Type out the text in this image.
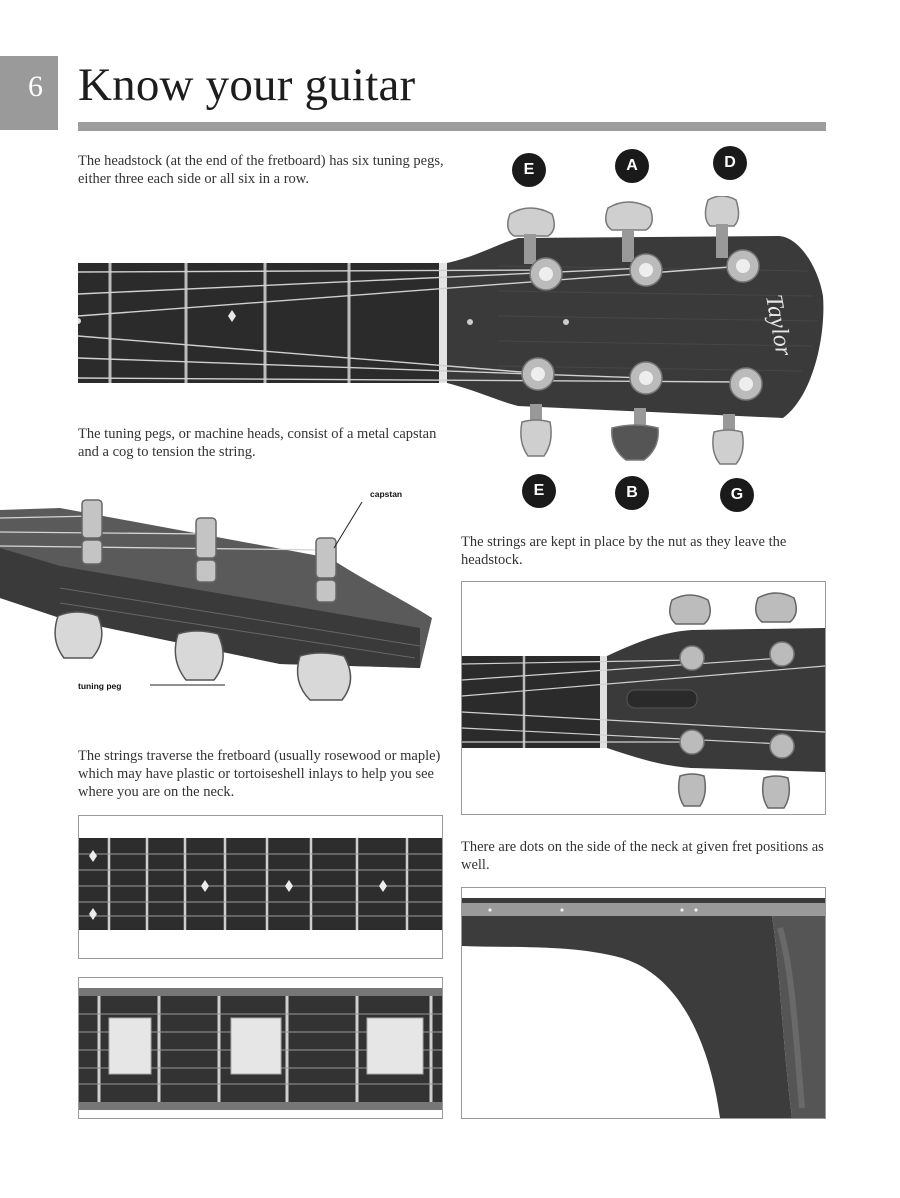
6 Know your guitar
The headstock (at the end of the fretboard) has six tuning pegs, either three each side or all six in a row.
E	A	D
Taylor
The tuning pegs, or machine heads, consist of a metal capstan and a cog to tension the string.
E	B	G
capstan
tuning peg
The strings are kept in place by the nut as they leave the headstock.
The strings traverse the fretboard (usually rosewood or maple) which may have plastic or tortoiseshell inlays to help you see where you are on the neck.
There are dots on the side of the neck at given fret positions as well.
